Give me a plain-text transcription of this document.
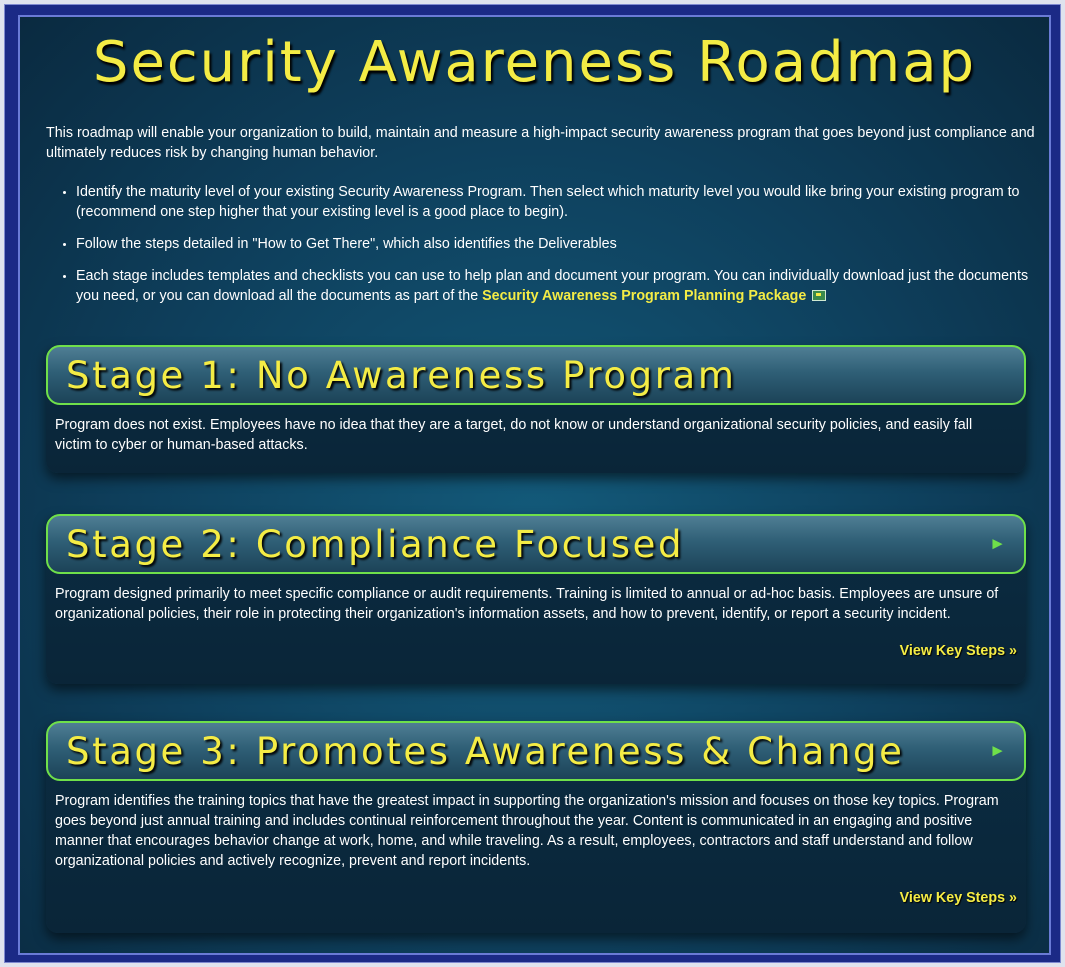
Security Awareness Roadmap
This roadmap will enable your organization to build, maintain and measure a high-impact security awareness program that goes beyond just compliance and ultimately reduces risk by changing human behavior.
• Identify the maturity level of your existing Security Awareness Program. Then select which maturity level you would like bring your existing program to (recommend one step higher that your existing level is a good place to begin).
• Follow the steps detailed in "How to Get There", which also identifies the Deliverables
• Each stage includes templates and checklists you can use to help plan and document your program. You can individually download just the documents you need, or you can download all the documents as part of the Security Awareness Program Planning Package
Stage 1: No Awareness Program
Program does not exist. Employees have no idea that they are a target, do not know or understand organizational security policies, and easily fall victim to cyber or human-based attacks.
Stage 2: Compliance Focused	►
Program designed primarily to meet specific compliance or audit requirements. Training is limited to annual or ad-hoc basis. Employees are unsure of organizational policies, their role in protecting their organization's information assets, and how to prevent, identify, or report a security incident.
View Key Steps »
Stage 3: Promotes Awareness & Change	►
Program identifies the training topics that have the greatest impact in supporting the organization's mission and focuses on those key topics. Program goes beyond just annual training and includes continual reinforcement throughout the year. Content is communicated in an engaging and positive manner that encourages behavior change at work, home, and while traveling. As a result, employees, contractors and staff understand and follow organizational policies and actively recognize, prevent and report incidents.
View Key Steps »
